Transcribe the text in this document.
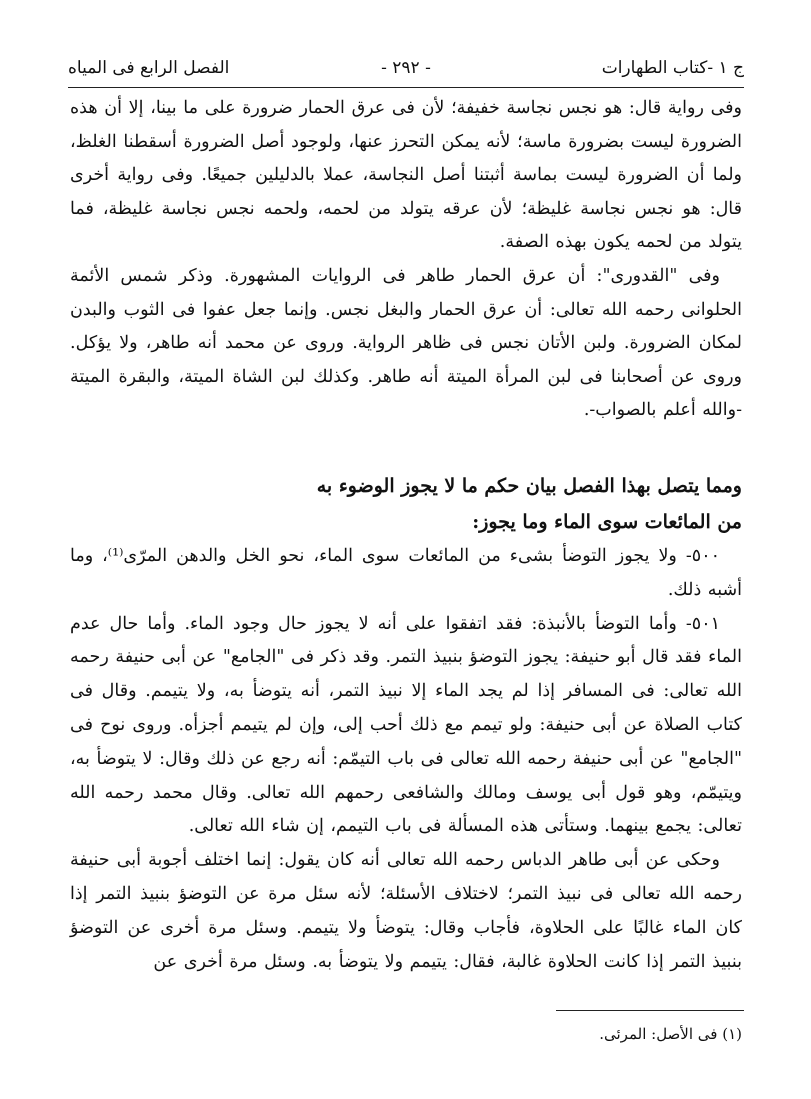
ج ١ -كتاب الطهارات
- ٢٩٢ -
الفصل الرابع فى المياه

وفى رواية قال: هو نجس نجاسة خفيفة؛ لأن فى عرق الحمار ضرورة على ما بينا، إلا أن هذه الضرورة ليست بضرورة ماسة؛ لأنه يمكن التحرز عنها، ولوجود أصل الضرورة أسقطنا الغلظ، ولما أن الضرورة ليست بماسة أثبتنا أصل النجاسة، عملا بالدليلين جميعًا. وفى رواية أخرى قال: هو نجس نجاسة غليظة؛ لأن عرقه يتولد من لحمه، ولحمه نجس نجاسة غليظة، فما يتولد من لحمه يكون بهذه الصفة.

وفى "القدورى": أن عرق الحمار طاهر فى الروايات المشهورة. وذكر شمس الأئمة الحلوانى رحمه الله تعالى: أن عرق الحمار والبغل نجس. وإنما جعل عفوا فى الثوب والبدن لمكان الضرورة. ولبن الأتان نجس فى ظاهر الرواية. وروى عن محمد أنه طاهر، ولا يؤكل. وروى عن أصحابنا فى لبن المرأة الميتة أنه طاهر. وكذلك لبن الشاة الميتة، والبقرة الميتة -والله أعلم بالصواب-.

ومما يتصل بهذا الفصل بيان حكم ما لا يجوز الوضوء به
من المائعات سوى الماء وما يجوز:

٥٠٠- ولا يجوز التوضأ بشىء من المائعات سوى الماء، نحو الخل والدهن المرّى⁽¹⁾، وما أشبه ذلك.

٥٠١- وأما التوضأ بالأنبذة: فقد اتفقوا على أنه لا يجوز حال وجود الماء. وأما حال عدم الماء فقد قال أبو حنيفة: يجوز التوضؤ بنبيذ التمر. وقد ذكر فى "الجامع" عن أبى حنيفة رحمه الله تعالى: فى المسافر إذا لم يجد الماء إلا نبيذ التمر، أنه يتوضأ به، ولا يتيمم. وقال فى كتاب الصلاة عن أبى حنيفة: ولو تيمم مع ذلك أحب إلى، وإن لم يتيمم أجزأه. وروى نوح فى "الجامع" عن أبى حنيفة رحمه الله تعالى فى باب التيمّم: أنه رجع عن ذلك وقال: لا يتوضأ به، ويتيمّم، وهو قول أبى يوسف ومالك والشافعى رحمهم الله تعالى. وقال محمد رحمه الله تعالى: يجمع بينهما. وستأتى هذه المسألة فى باب التيمم، إن شاء الله تعالى.

وحكى عن أبى طاهر الدباس رحمه الله تعالى أنه كان يقول: إنما اختلف أجوبة أبى حنيفة رحمه الله تعالى فى نبيذ التمر؛ لاختلاف الأسئلة؛ لأنه سئل مرة عن التوضؤ بنبيذ التمر إذا كان الماء غالبًا على الحلاوة، فأجاب وقال: يتوضأ ولا يتيمم. وسئل مرة أخرى عن التوضؤ بنبيذ التمر إذا كانت الحلاوة غالبة، فقال: يتيمم ولا يتوضأ به. وسئل مرة أخرى عن

(١) فى الأصل: المرئى.
